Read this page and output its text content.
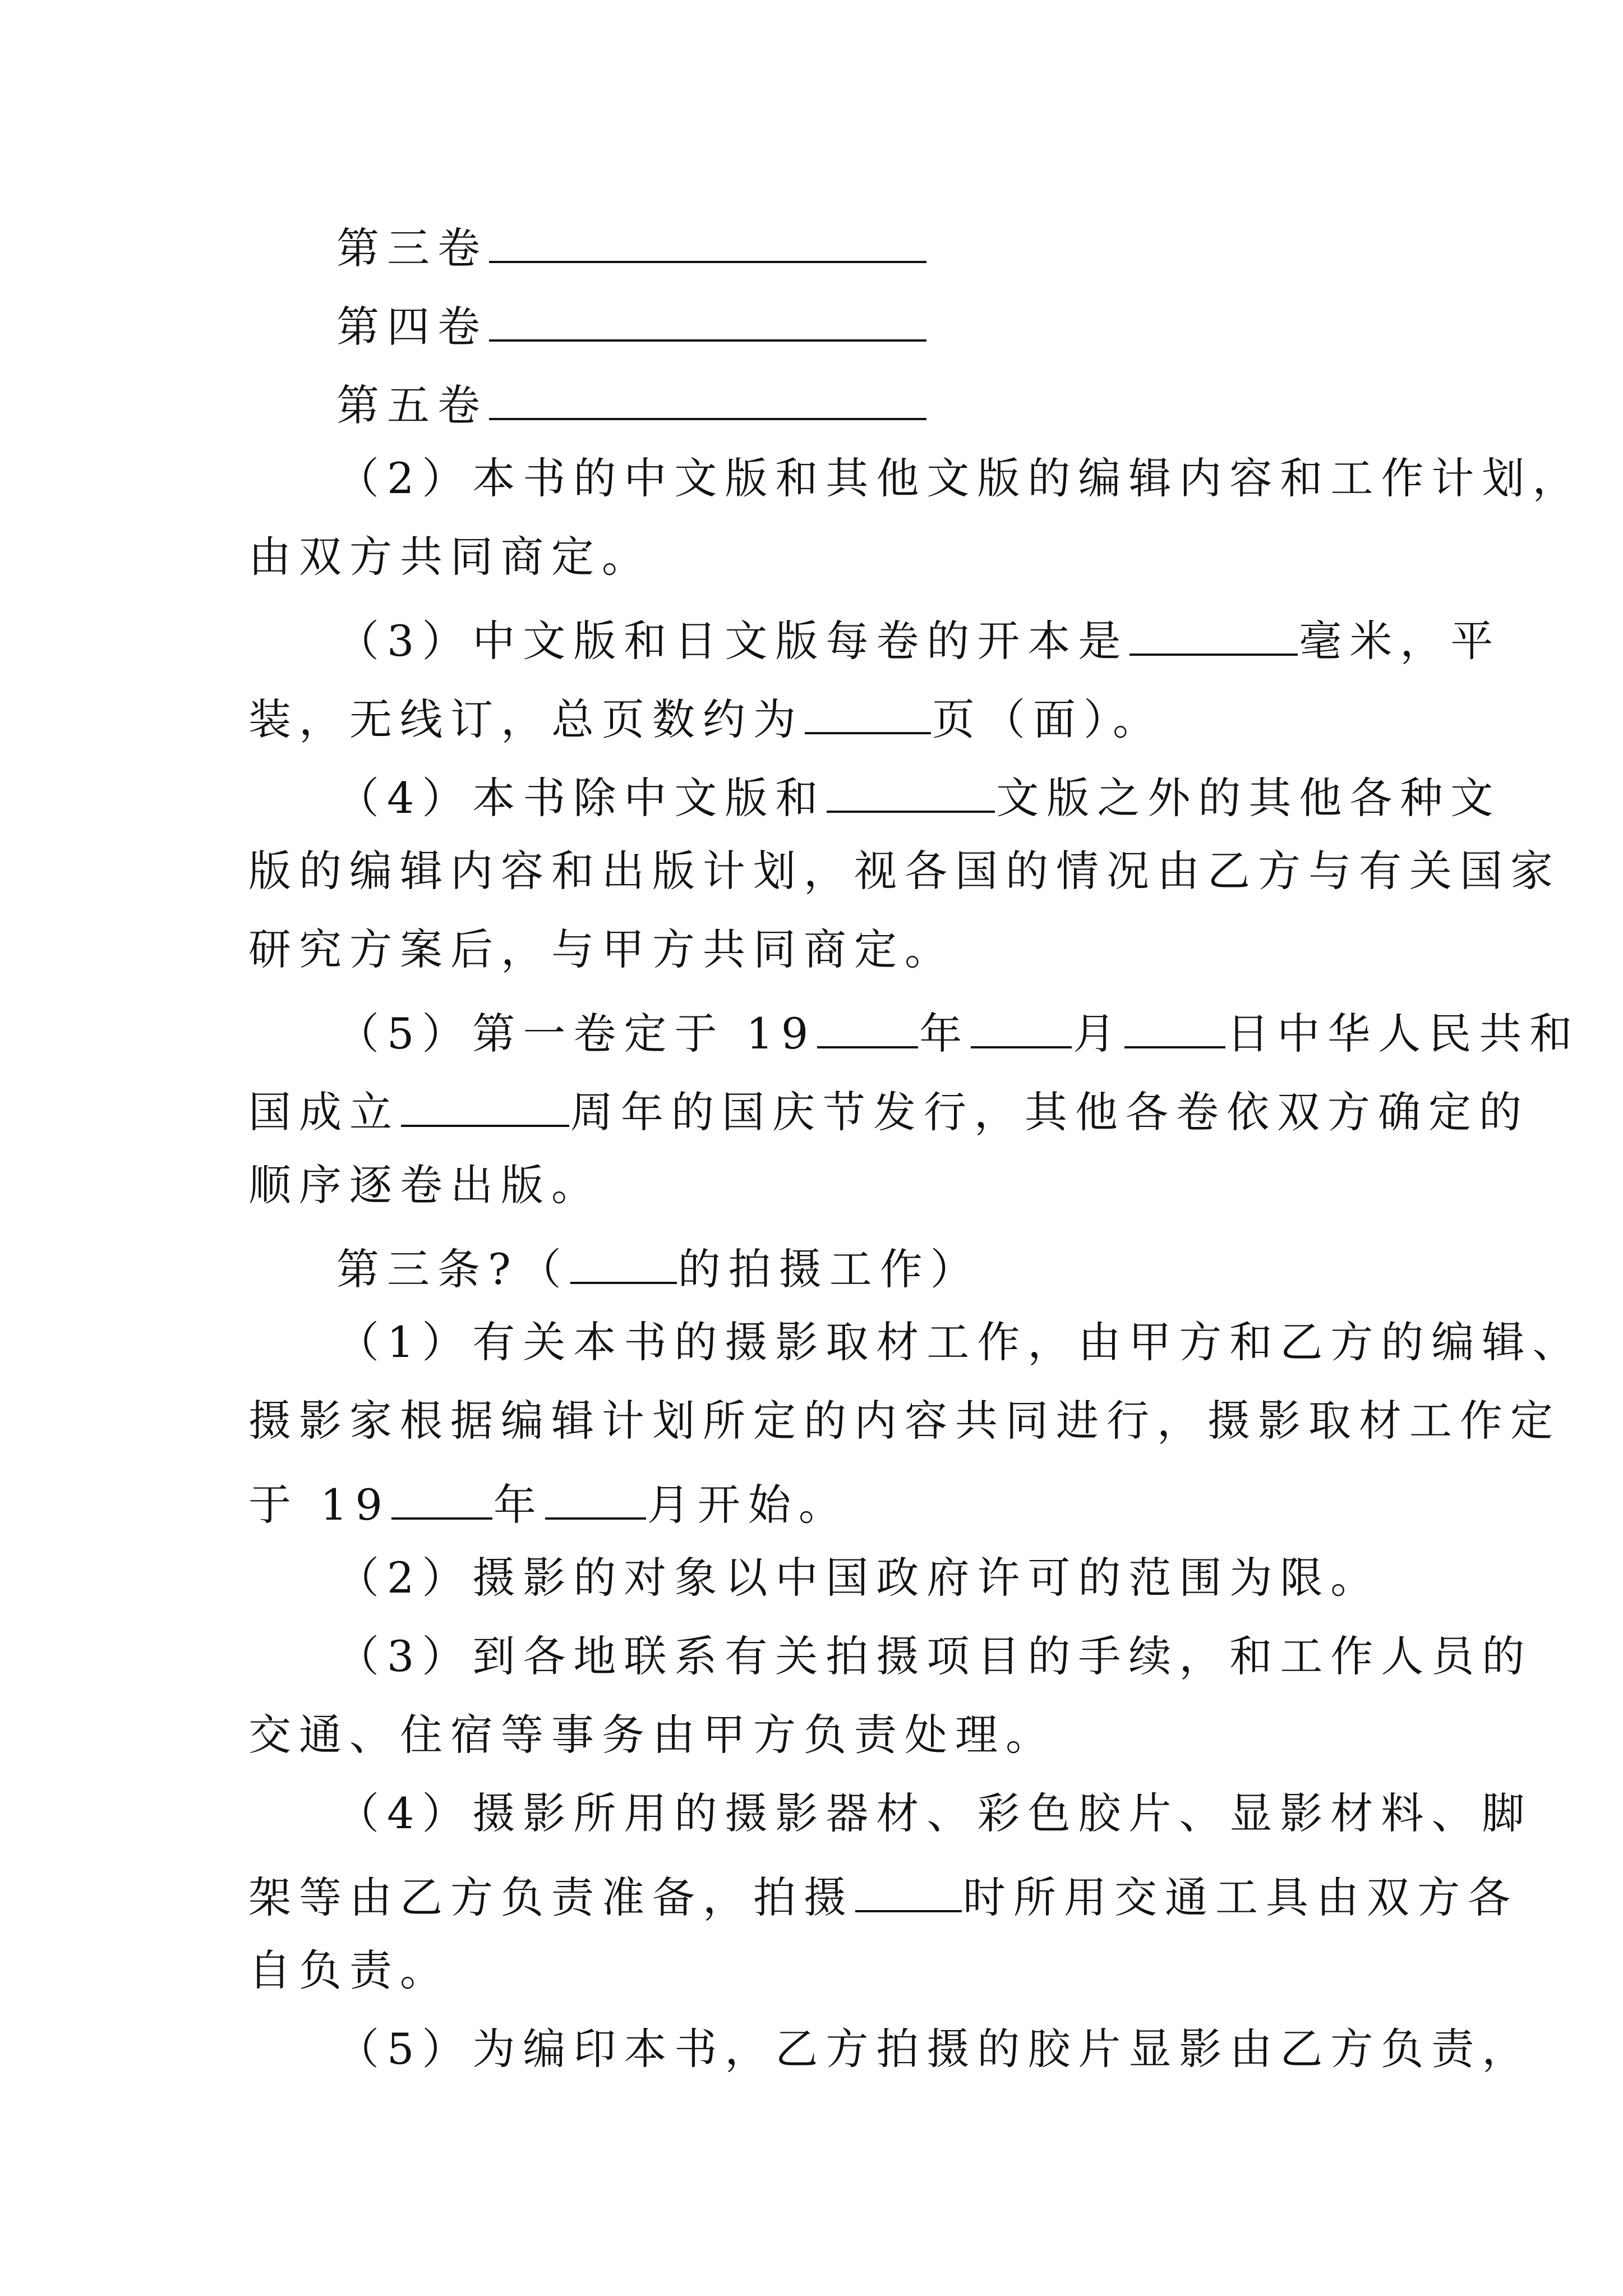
第三卷
第四卷
第五卷
（2）本书的中文版和其他文版的编辑内容和工作计划，
由双方共同商定。
（3）中文版和日文版每卷的开本是	毫米，平
装，无线订，总页数约为	页（面）。
（4）本书除中文版和	文版之外的其他各种文
版的编辑内容和出版计划，视各国的情况由乙方与有关国家
研究方案后，与甲方共同商定。
（5）第一卷定于 19 年 月 日中华人民共和
国成立	周年的国庆节发行，其他各卷依双方确定的
顺序逐卷出版。
第三条?（	的拍摄工作）
（1）有关本书的摄影取材工作，由甲方和乙方的编辑、
摄影家根据编辑计划所定的内容共同进行，摄影取材工作定
于 19 年 月开始。
（2）摄影的对象以中国政府许可的范围为限。
（3）到各地联系有关拍摄项目的手续，和工作人员的
交通、住宿等事务由甲方负责处理。
（4）摄影所用的摄影器材、彩色胶片、显影材料、脚
架等由乙方负责准备，拍摄	时所用交通工具由双方各
自负责。
（5）为编印本书，乙方拍摄的胶片显影由乙方负责，
